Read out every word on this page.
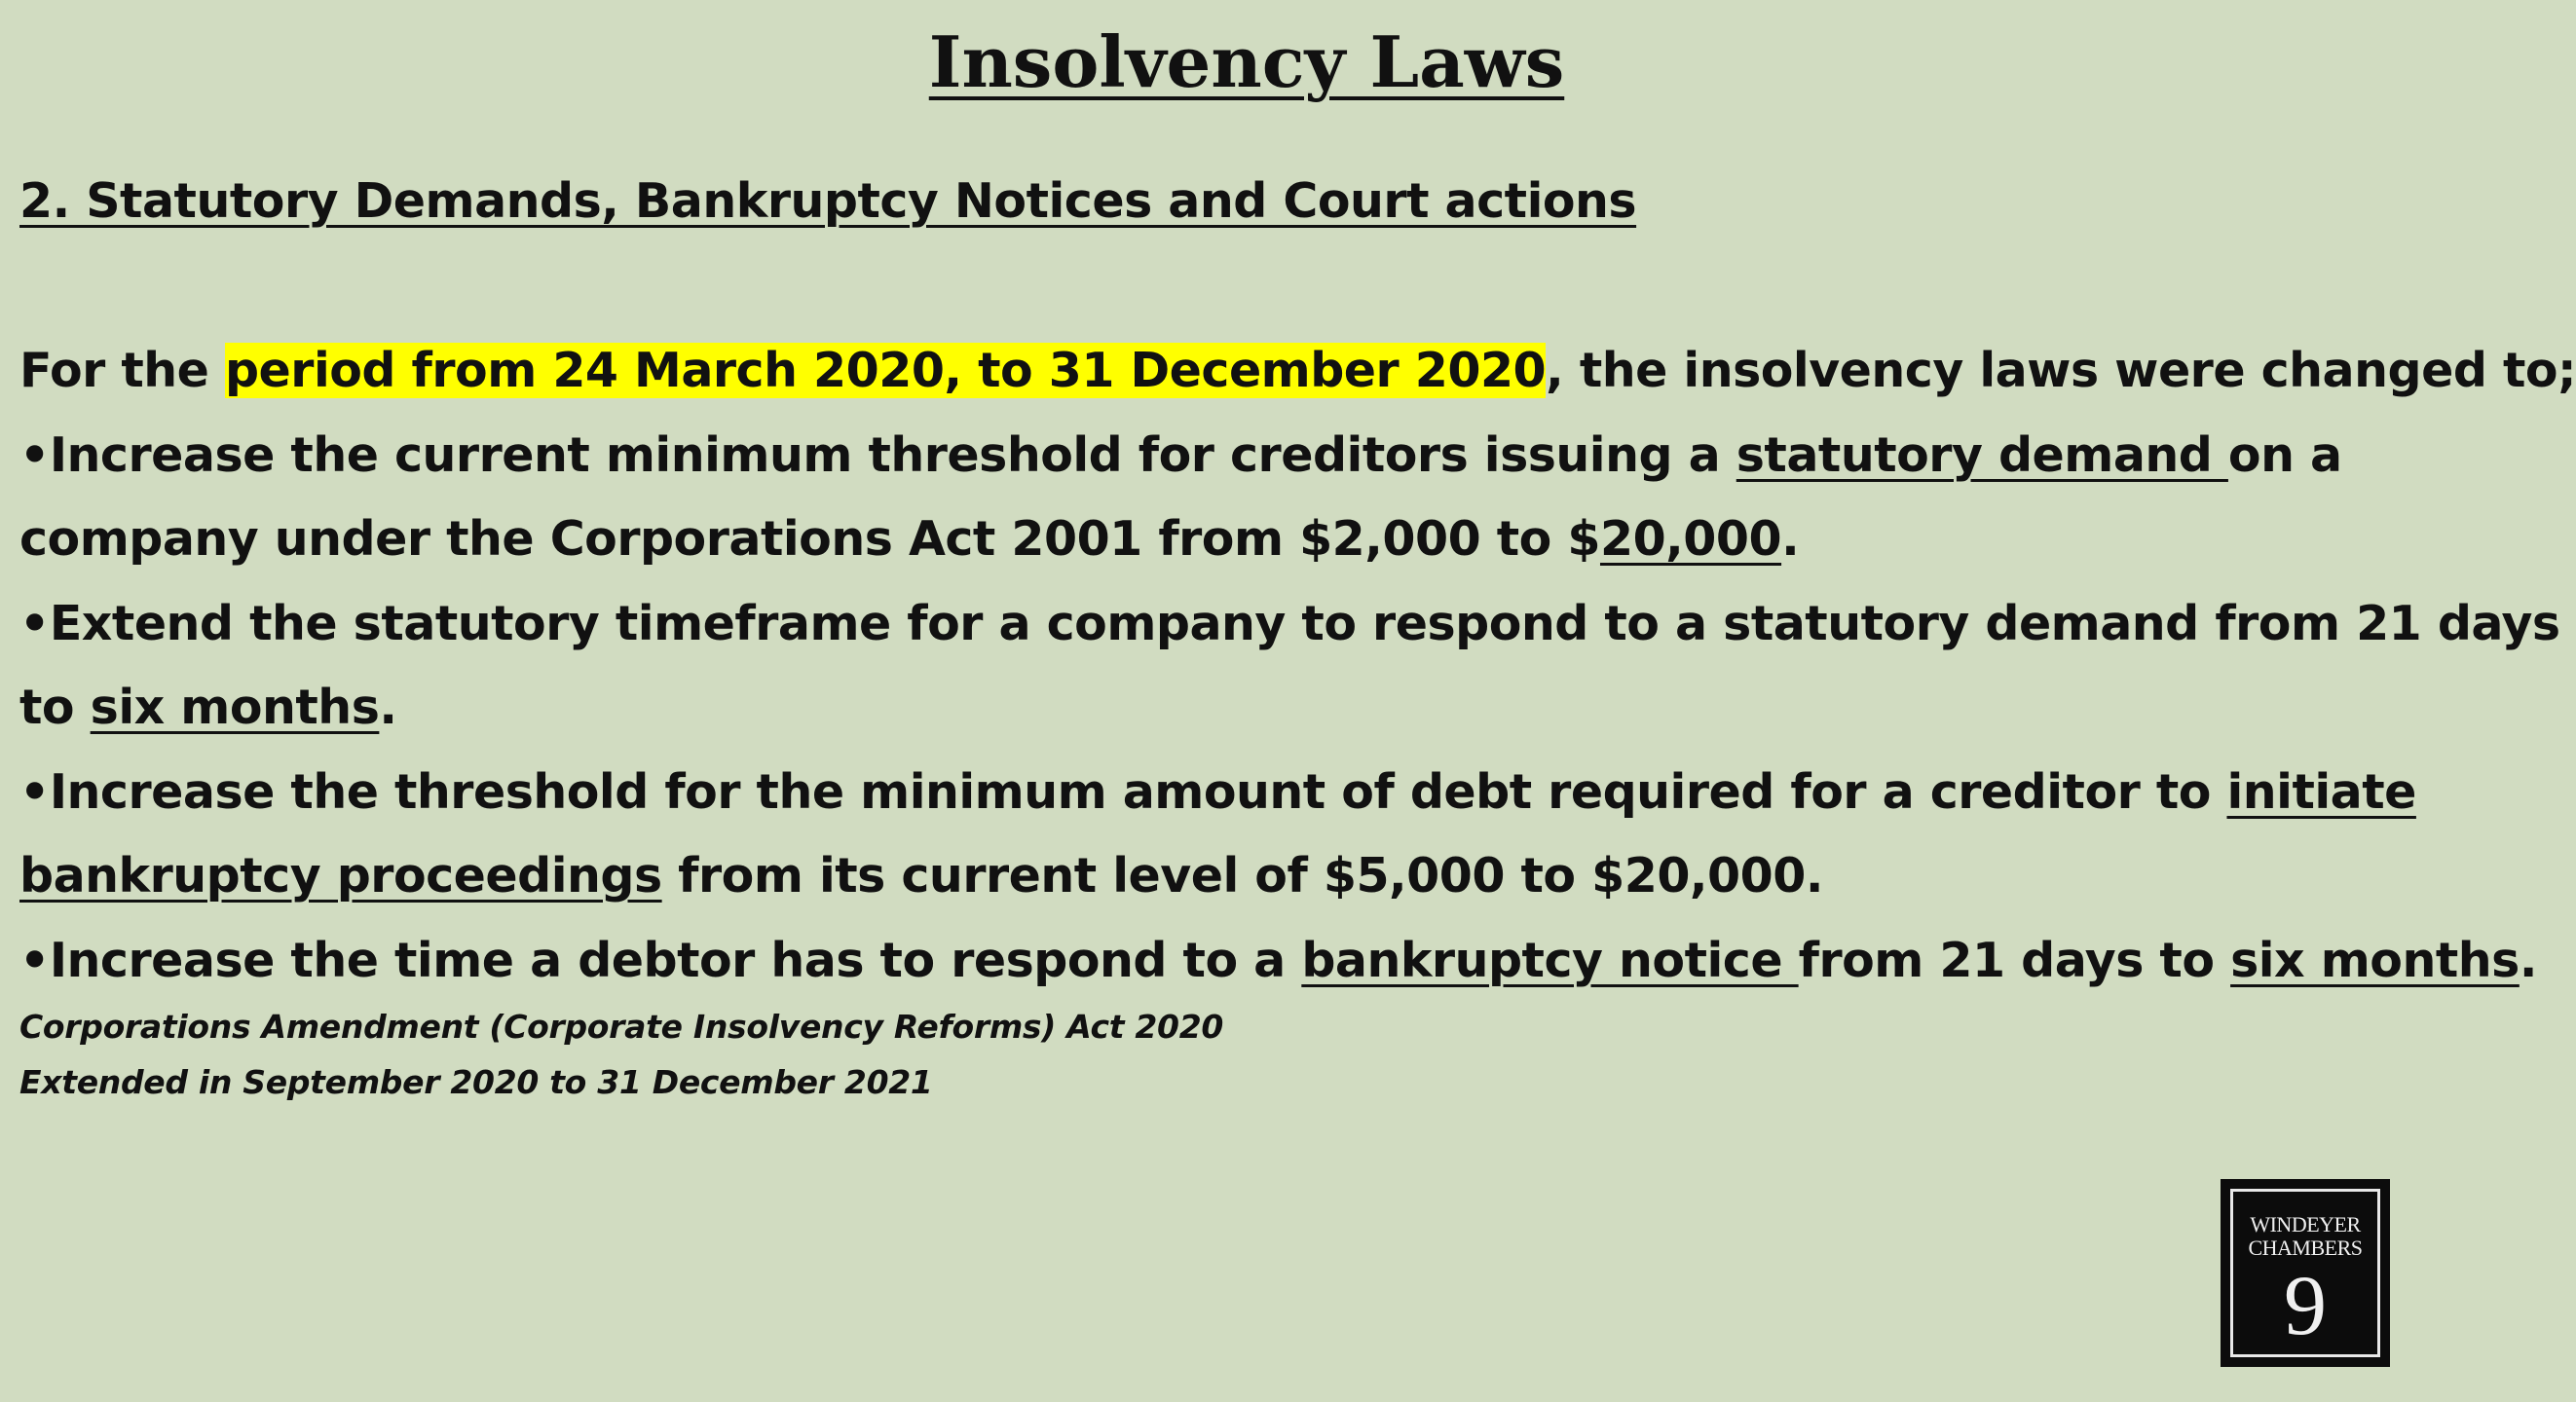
Insolvency Laws

2. Statutory Demands, Bankruptcy Notices and Court actions

For the period from 24 March 2020, to 31 December 2020, the insolvency laws were changed to;
•Increase the current minimum threshold for creditors issuing a statutory demand on a
company under the Corporations Act 2001 from $2,000 to $20,000.
•Extend the statutory timeframe for a company to respond to a statutory demand from 21 days
to six months.
•Increase the threshold for the minimum amount of debt required for a creditor to initiate
bankruptcy proceedings from its current level of $5,000 to $20,000.
•Increase the time a debtor has to respond to a bankruptcy notice from 21 days to six months.
Corporations Amendment (Corporate Insolvency Reforms) Act 2020
Extended in September 2020 to 31 December 2021
WINDEYER
CHAMBERS
9
